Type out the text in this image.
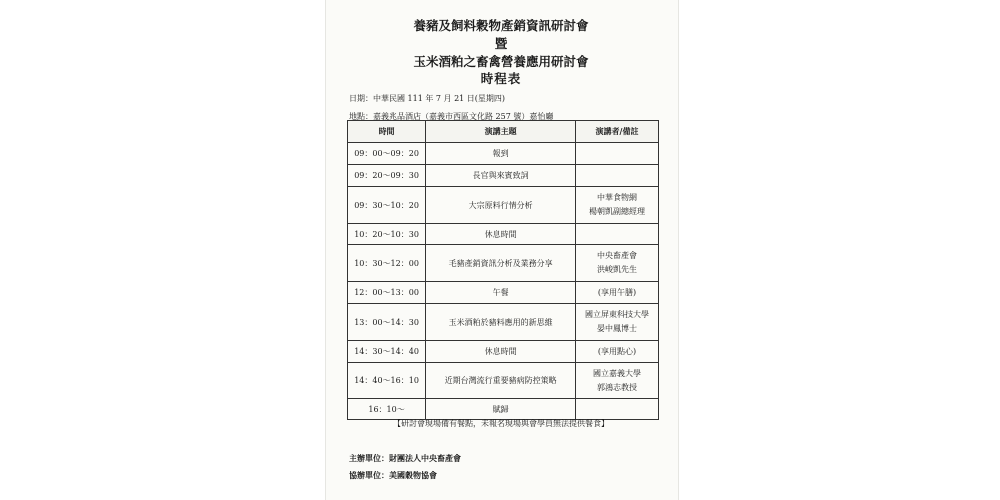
養豬及飼料穀物產銷資訊研討會
暨
玉米酒粕之畜禽營養應用研討會
時程表
日期：中華民國 111 年 7 月 21 日(星期四)
地點：嘉義兆品酒店（嘉義市西區文化路 257 號）嘉怡廳
時間	演講主題	演講者/備註
09：00～09：20	報到	
09：20～09：30	長官與來賓致詞	
09：30～10：20	大宗原料行情分析	中華食物網
楊朝凱副總經理

10：20～10：30	休息時間	
10：30～12：00	毛豬產銷資訊分析及業務分享	中央畜產會
洪峻凱先生

12：00～13：00	午餐	(享用午膳)
13：00～14：30	玉米酒粕於豬料應用的新思維	國立屏東科技大學
晏中鳳博士

14：30～14：40	休息時間	(享用點心)
14：40～16：10	近期台灣流行重要豬病防控策略	國立嘉義大學
郭鴻志教授

16：10～	賦歸	
【研討會現場備有餐點，未報名現場與會學員無法提供餐食】
主辦單位：財團法人中央畜產會
協辦單位：美國穀物協會
